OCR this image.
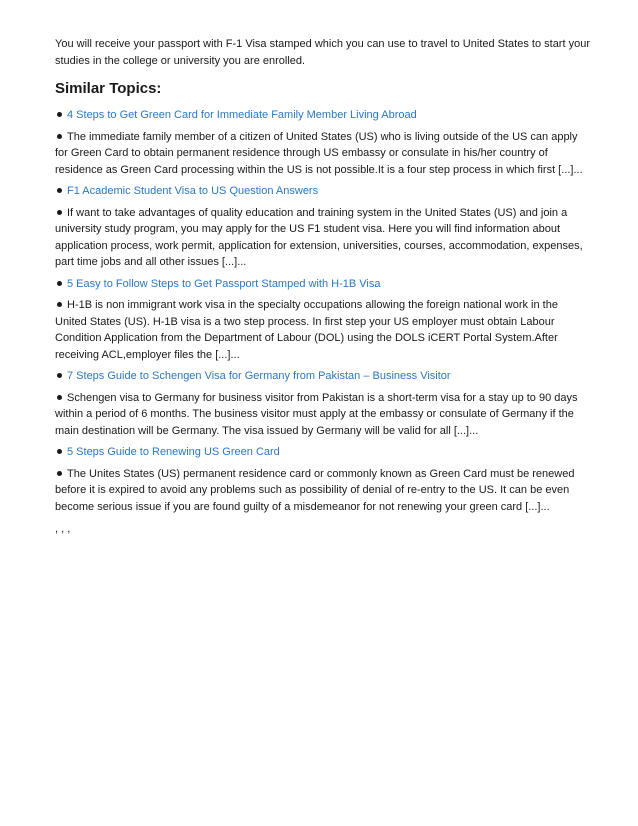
You will receive your passport with F-1 Visa stamped which you can use to travel to United States to start your studies in the college or university you are enrolled.

Similar Topics:
4 Steps to Get Green Card for Immediate Family Member Living Abroad
The immediate family member of a citizen of United States (US) who is living outside of the US can apply for Green Card to obtain permanent residence through US embassy or consulate in his/her country of residence as Green Card processing within the US is not possible.It is a four step process in which first [...]...
F1 Academic Student Visa to US Question Answers
If want to take advantages of quality education and training system in the United States (US) and join a university study program, you may apply for the US F1 student visa. Here you will find information about application process, work permit, application for extension, universities, courses, accommodation, expenses, part time jobs and all other issues [...]...
5 Easy to Follow Steps to Get Passport Stamped with H-1B Visa
H-1B is non immigrant work visa in the specialty occupations allowing the foreign national work in the United States (US). H-1B visa is a two step process. In first step your US employer must obtain Labour Condition Application from the Department of Labour (DOL) using the DOLS iCERT Portal System.After receiving ACL,employer files the [...]...
7 Steps Guide to Schengen Visa for Germany from Pakistan – Business Visitor
Schengen visa to Germany for business visitor from Pakistan is a short-term visa for a stay up to 90 days within a period of 6 months. The business visitor must apply at the embassy or consulate of Germany if the main destination will be Germany. The visa issued by Germany will be valid for all [...]...
5 Steps Guide to Renewing US Green Card
The Unites States (US) permanent residence card or commonly known as Green Card must be renewed before it is expired to avoid any problems such as possibility of denial of re-entry to the US. It can be even become serious issue if you are found guilty of a misdemeanor for not renewing your green card [...]...
, , ,
